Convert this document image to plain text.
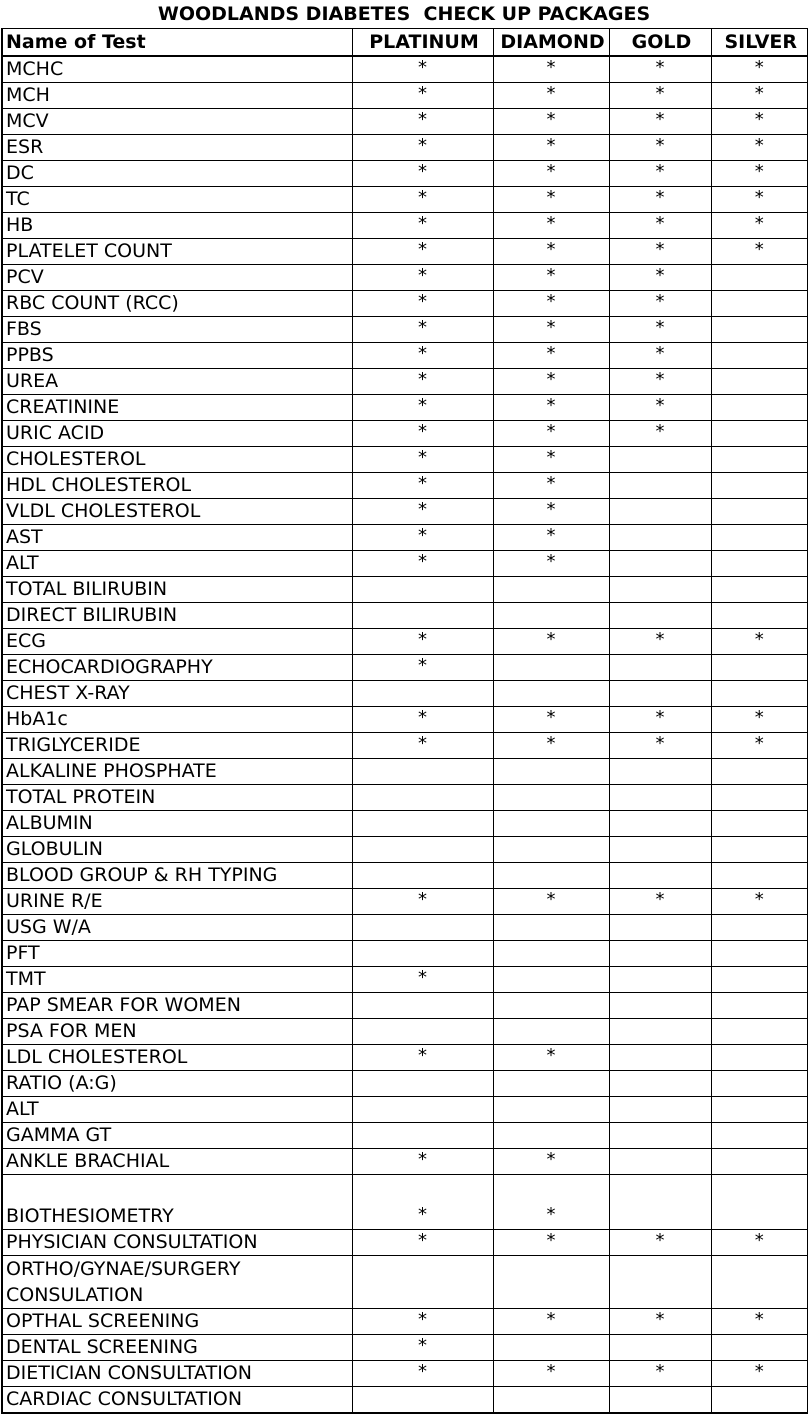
WOODLANDS DIABETES  CHECK UP PACKAGES
Name of Test	PLATINUM	DIAMOND	GOLD	SILVER
MCHC	*	*	*	*
MCH	*	*	*	*
MCV	*	*	*	*
ESR	*	*	*	*
DC	*	*	*	*
TC	*	*	*	*
HB	*	*	*	*
PLATELET COUNT	*	*	*	*
PCV	*	*	*	
RBC COUNT (RCC)	*	*	*	
FBS	*	*	*	
PPBS	*	*	*	
UREA	*	*	*	
CREATININE	*	*	*	
URIC ACID	*	*	*	
CHOLESTEROL	*	*		
HDL CHOLESTEROL	*	*		
VLDL CHOLESTEROL	*	*		
AST	*	*		
ALT	*	*		
TOTAL BILIRUBIN				
DIRECT BILIRUBIN				
ECG	*	*	*	*
ECHOCARDIOGRAPHY	*			
CHEST X-RAY				
HbA1c	*	*	*	*
TRIGLYCERIDE	*	*	*	*
ALKALINE PHOSPHATE				
TOTAL PROTEIN				
ALBUMIN				
GLOBULIN				
BLOOD GROUP & RH TYPING				
URINE R/E	*	*	*	*
USG W/A				
PFT				
TMT	*			
PAP SMEAR FOR WOMEN				
PSA FOR MEN				
LDL CHOLESTEROL	*	*		
RATIO (A:G)				
ALT				
GAMMA GT				
ANKLE BRACHIAL	*	*		
BIOTHESIOMETRY	*	*		
PHYSICIAN CONSULTATION	*	*	*	*
ORTHO/GYNAE/SURGERY CONSULATION				
OPTHAL SCREENING	*	*	*	*
DENTAL SCREENING	*			
DIETICIAN CONSULTATION	*	*	*	*
CARDIAC CONSULTATION				
